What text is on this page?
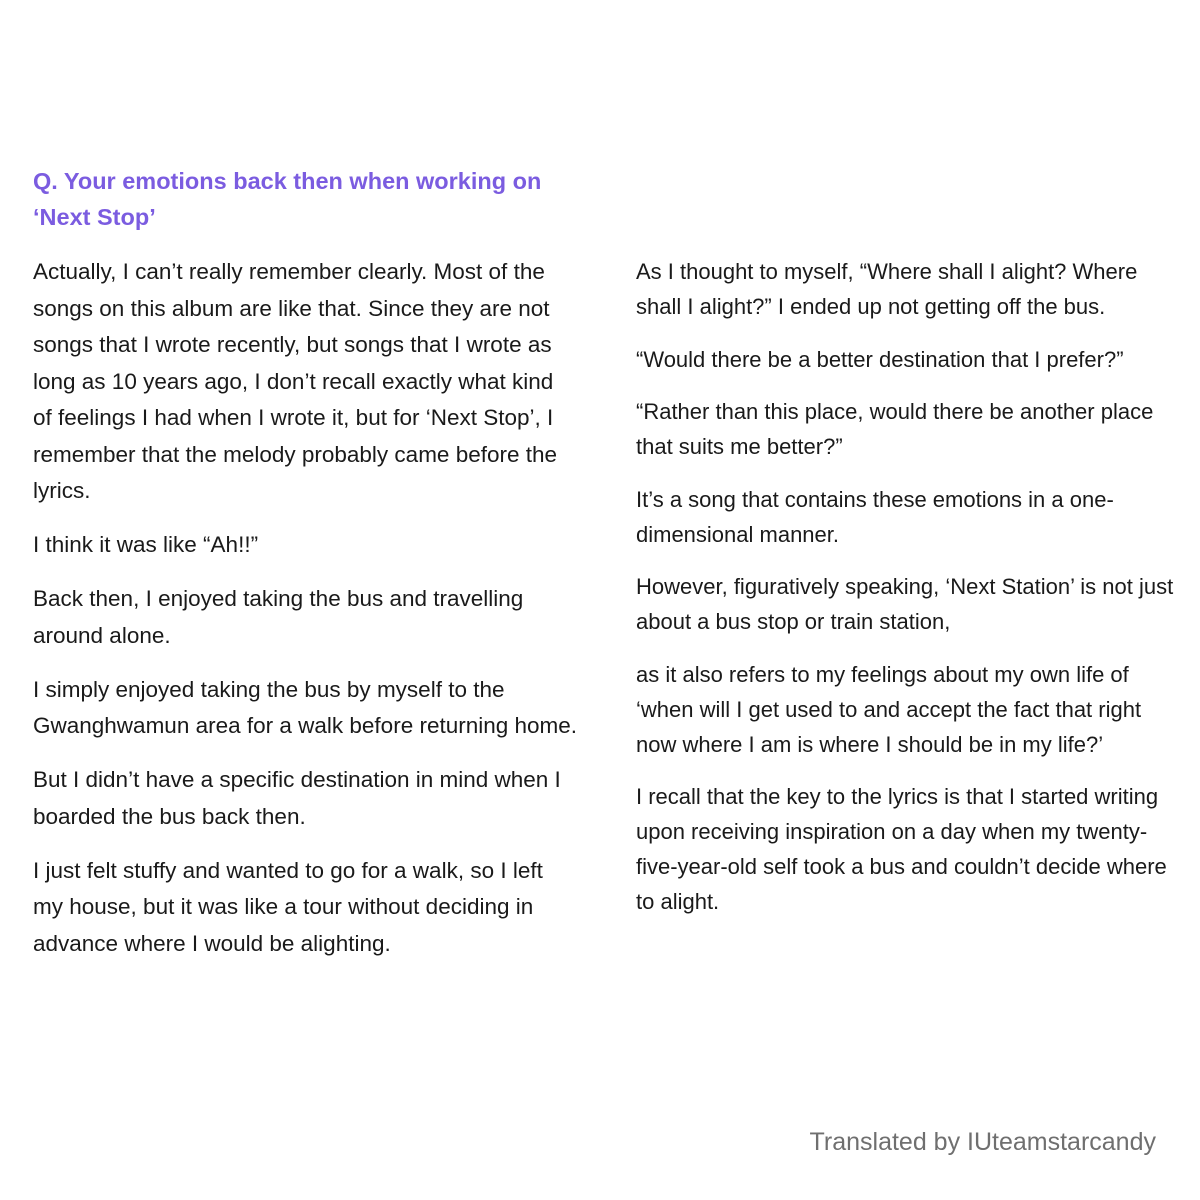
Q. Your emotions back then when working on ‘Next Stop’

Actually, I can’t really remember clearly. Most of the songs on this album are like that. Since they are not songs that I wrote recently, but songs that I wrote as long as 10 years ago, I don’t recall exactly what kind of feelings I had when I wrote it, but for ‘Next Stop’, I remember that the melody probably came before the lyrics.

I think it was like “Ah!!”

Back then, I enjoyed taking the bus and travelling around alone.

I simply enjoyed taking the bus by myself to the Gwanghwamun area for a walk before returning home.

But I didn’t have a specific destination in mind when I boarded the bus back then.

I just felt stuffy and wanted to go for a walk, so I left my house, but it was like a tour without deciding in advance where I would be alighting.

As I thought to myself, “Where shall I alight? Where shall I alight?” I ended up not getting off the bus.

“Would there be a better destination that I prefer?”

“Rather than this place, would there be another place that suits me better?”

It’s a song that contains these emotions in a one-dimensional manner.

However, figuratively speaking, ‘Next Station’ is not just about a bus stop or train station,

as it also refers to my feelings about my own life of ‘when will I get used to and accept the fact that right now where I am is where I should be in my life?’

I recall that the key to the lyrics is that I started writing upon receiving inspiration on a day when my twenty-five-year-old self took a bus and couldn’t decide where to alight.

Translated by IUteamstarcandy
